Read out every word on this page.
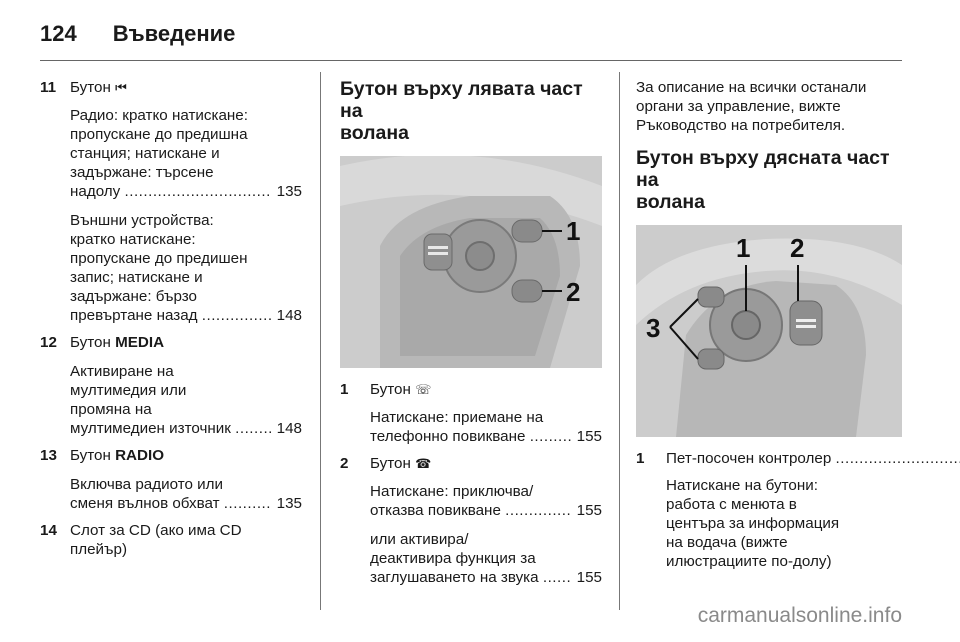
124 Въведение
11 Бутон ⏮
Радио: кратко натискане:
пропускане до предишна
станция; натискане и
задържане: търсене
надолу
.....
	135
Външни устройства:
кратко натискане:
пропускане до предишен
запис; натискане и
задържане: бързо
превъртане назад
.....
	148
12 Бутон MEDIA
Активиране на
мултимедия или
промяна на
мултимедиен източник
.....
	148
13 Бутон RADIO
Включва радиото или
сменя вълнов обхват
.....
	135
14 Слот за CD (ако има CD
плейър)
Бутон върху лявата част на
волана
1
2
1	Бутон ☏
Натискане: приемане на
телефонно повикване
.....
	155
2	Бутон ☎
Натискане: приключва/
отказва повикване
.....
	155
или активира/
деактивира функция за
заглушаването на звука
.....
	155
За описание на всички останали
органи за управление, вижте
Ръководство на потребителя.
Бутон върху дясната част на
волана
1 2
3
1	Пет-посочен контролер

.....

Натискане на бутони:
работа с менюта в
центъра за информация
на водача (вижте
илюстрациите по-долу)
carmanualsonline.info
